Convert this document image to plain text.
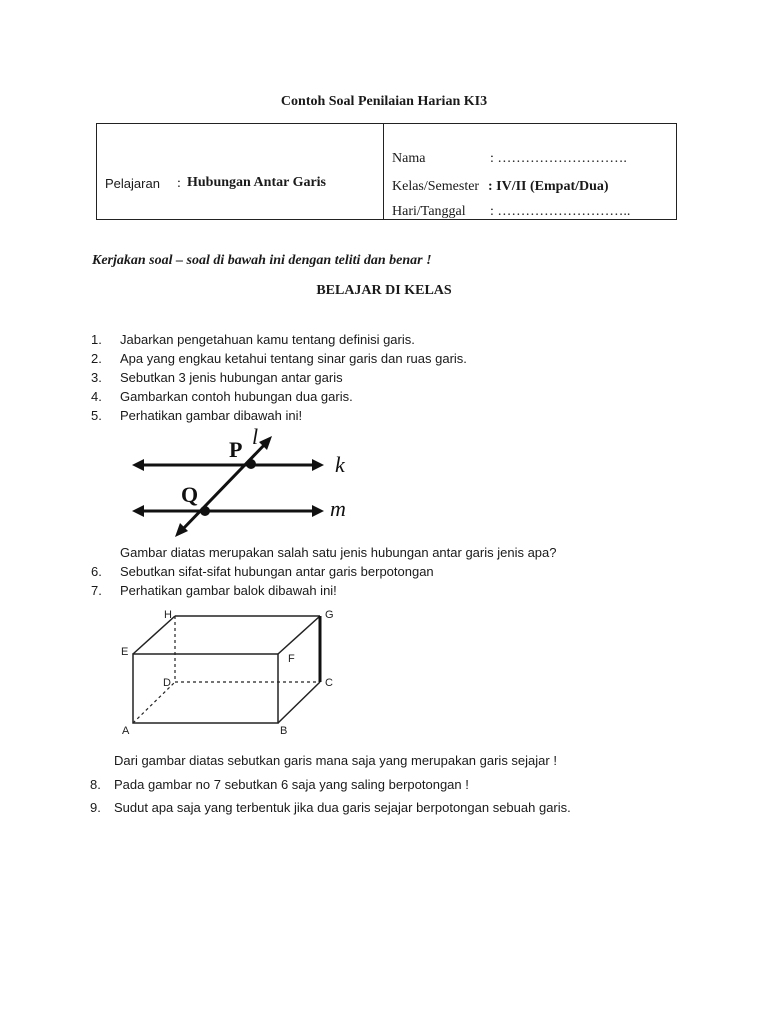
Contoh Soal Penilaian Harian KI3
Pelajaran : Hubungan Antar Garis
Nama	: ……………………….
Kelas/Semester : IV/II (Empat/Dua)
Hari/Tanggal : ………………………..
Kerjakan soal – soal di bawah ini dengan teliti dan benar !
BELAJAR DI KELAS
1. Jabarkan pengetahuan kamu tentang definisi garis.
2. Apa yang engkau ketahui tentang sinar garis dan ruas garis.
3. Sebutkan 3 jenis hubungan antar garis
4. Gambarkan contoh hubungan dua garis.
5. Perhatikan gambar dibawah ini!
P
l
k
Q
m
Gambar diatas merupakan salah satu jenis hubungan antar garis jenis apa?
6. Sebutkan sifat-sifat hubungan antar garis berpotongan
7. Perhatikan gambar balok dibawah ini!
A	B
C
D
E
F
G
H
Dari gambar diatas sebutkan garis mana saja yang merupakan garis sejajar !
8. Pada gambar no 7 sebutkan 6 saja yang saling berpotongan !
9. Sudut apa saja yang terbentuk jika dua garis sejajar berpotongan sebuah garis.
